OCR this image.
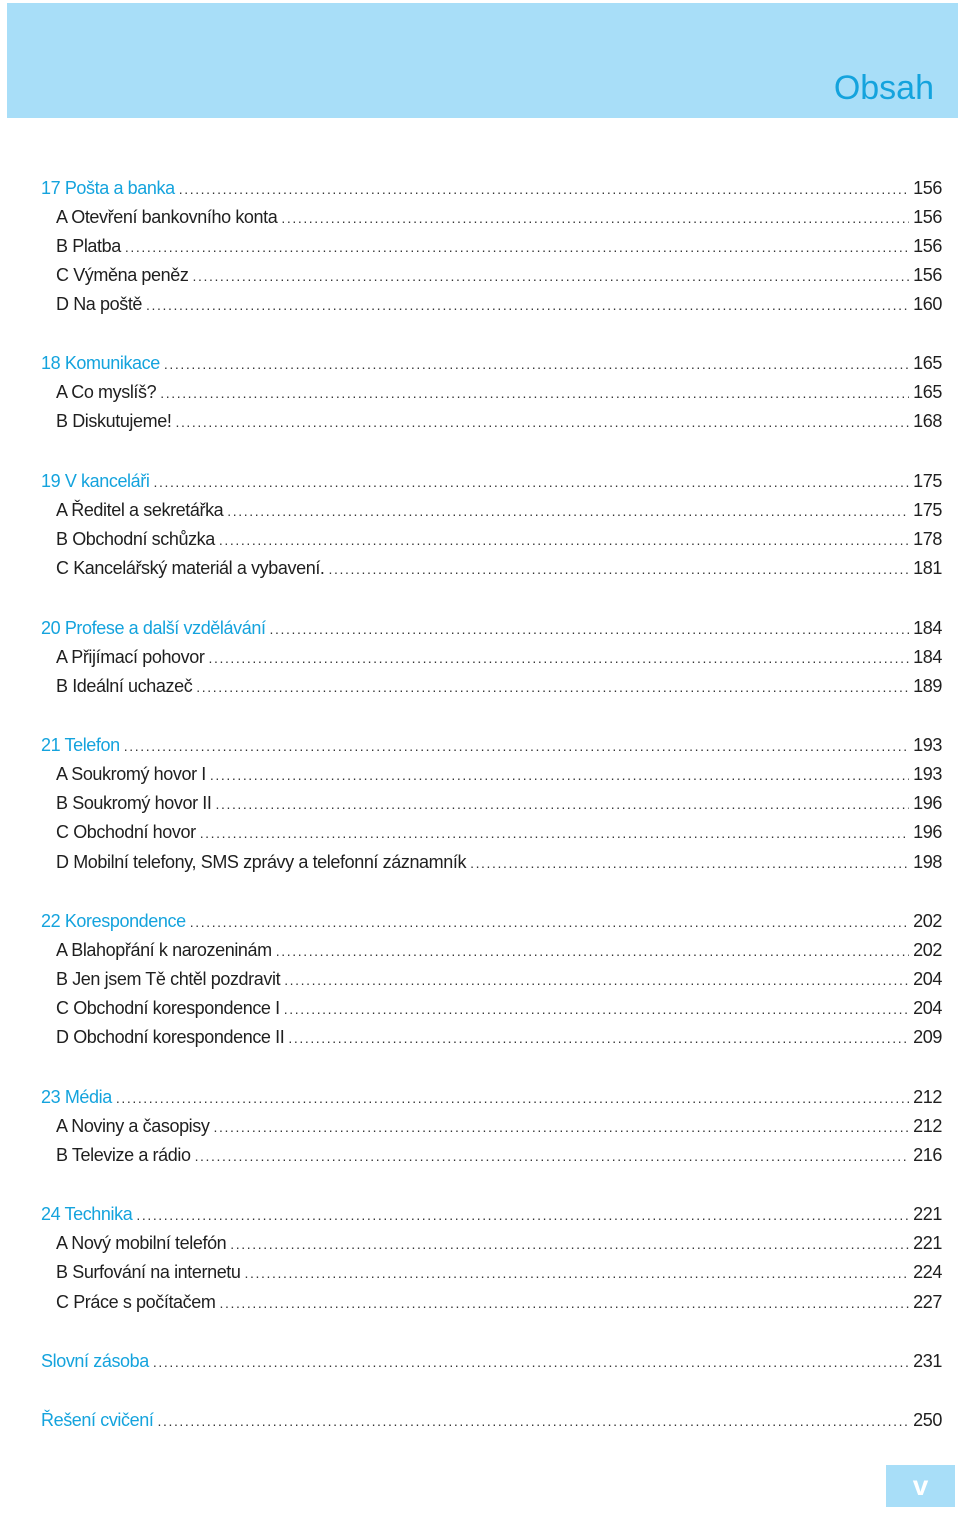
Obsah
17 Pošta a banka .....	156
A Otevření bankovního konta .....	156
B Platba .....	156
C Výměna peněz .....	156
D Na poště .....	160
18 Komunikace .....	165
A Co myslíš? .....	165
B Diskutujeme! .....	168
19 V kanceláři .....	175
A Ředitel a sekretářka .....	175
B Obchodní schůzka .....	178
C Kancelářský materiál a vybavení. .....	181
20 Profese a další vzdělávání .....	184
A Přijímací pohovor .....	184
B Ideální uchazeč .....	189
21 Telefon .....	193
A Soukromý hovor I .....	193
B Soukromý hovor II .....	196
C Obchodní hovor .....	196
D Mobilní telefony, SMS zprávy a telefonní záznamník .....	198
22 Korespondence .....	202
A Blahopřání k narozeninám .....	202
B Jen jsem Tě chtěl pozdravit .....	204
C Obchodní korespondence I .....	204
D Obchodní korespondence II .....	209
23 Média .....	212
A Noviny a časopisy .....	212
B Televize a rádio .....	216
24 Technika .....	221
A Nový mobilní telefón .....	221
B Surfování na internetu .....	224
C Práce s počítačem .....	227
Slovní zásoba .....	231
Řešení cvičení .....	250
v
